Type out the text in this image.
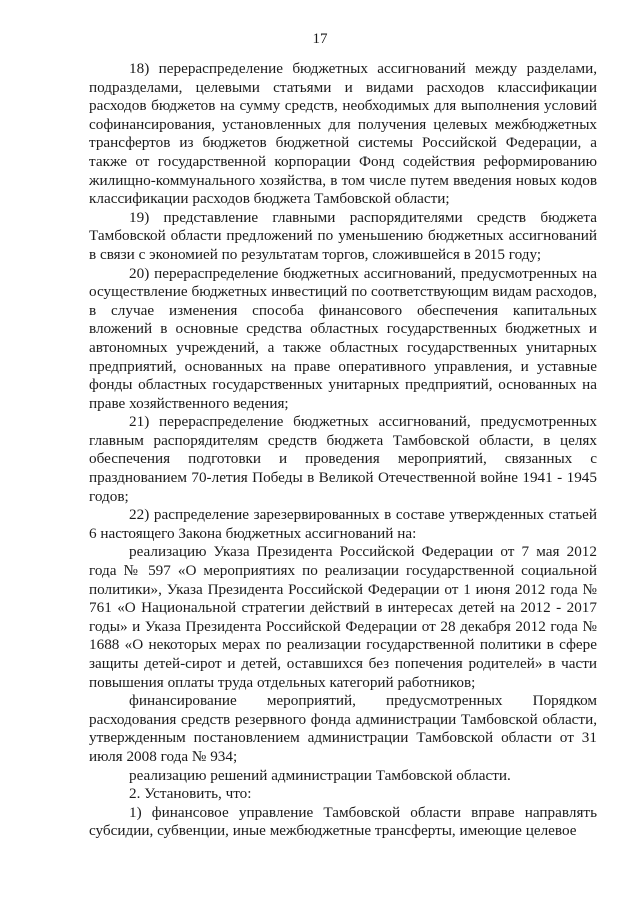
17

18) перераспределение бюджетных ассигнований между разделами, подразделами, целевыми статьями и видами расходов классификации расходов бюджетов на сумму средств, необходимых для выполнения условий софинансирования, установленных для получения целевых межбюджетных трансфертов из бюджетов бюджетной системы Российской Федерации, а также от государственной корпорации Фонд содействия реформированию жилищно-коммунального хозяйства, в том числе путем введения новых кодов классификации расходов бюджета Тамбовской области;

19) представление главными распорядителями средств бюджета Тамбовской области предложений по уменьшению бюджетных ассигнований в связи с экономией по результатам торгов, сложившейся в 2015 году;

20) перераспределение бюджетных ассигнований, предусмотренных на осуществление бюджетных инвестиций по соответствующим видам расходов, в случае изменения способа финансового обеспечения капитальных вложений в основные средства областных государственных бюджетных и автономных учреждений, а также областных государственных унитарных предприятий, основанных на праве оперативного управления, и уставные фонды областных государственных унитарных предприятий, основанных на праве хозяйственного ведения;

21) перераспределение бюджетных ассигнований, предусмотренных главным распорядителям средств бюджета Тамбовской области, в целях обеспечения подготовки и проведения мероприятий, связанных с празднованием 70-летия Победы в Великой Отечественной войне 1941 - 1945 годов;

22) распределение зарезервированных в составе утвержденных статьей 6 настоящего Закона бюджетных ассигнований на:

реализацию Указа Президента Российской Федерации от 7 мая 2012 года № 597 «О мероприятиях по реализации государственной социальной политики», Указа Президента Российской Федерации от 1 июня 2012 года № 761 «О Национальной стратегии действий в интересах детей на 2012 - 2017 годы» и Указа Президента Российской Федерации от 28 декабря 2012 года № 1688 «О некоторых мерах по реализации государственной политики в сфере защиты детей-сирот и детей, оставшихся без попечения родителей» в части повышения оплаты труда отдельных категорий работников;

финансирование мероприятий, предусмотренных Порядком расходования средств резервного фонда администрации Тамбовской области, утвержденным постановлением администрации Тамбовской области от 31 июля 2008 года № 934;

реализацию решений администрации Тамбовской области.

2. Установить, что:

1) финансовое управление Тамбовской области вправе направлять субсидии, субвенции, иные межбюджетные трансферты, имеющие целевое
